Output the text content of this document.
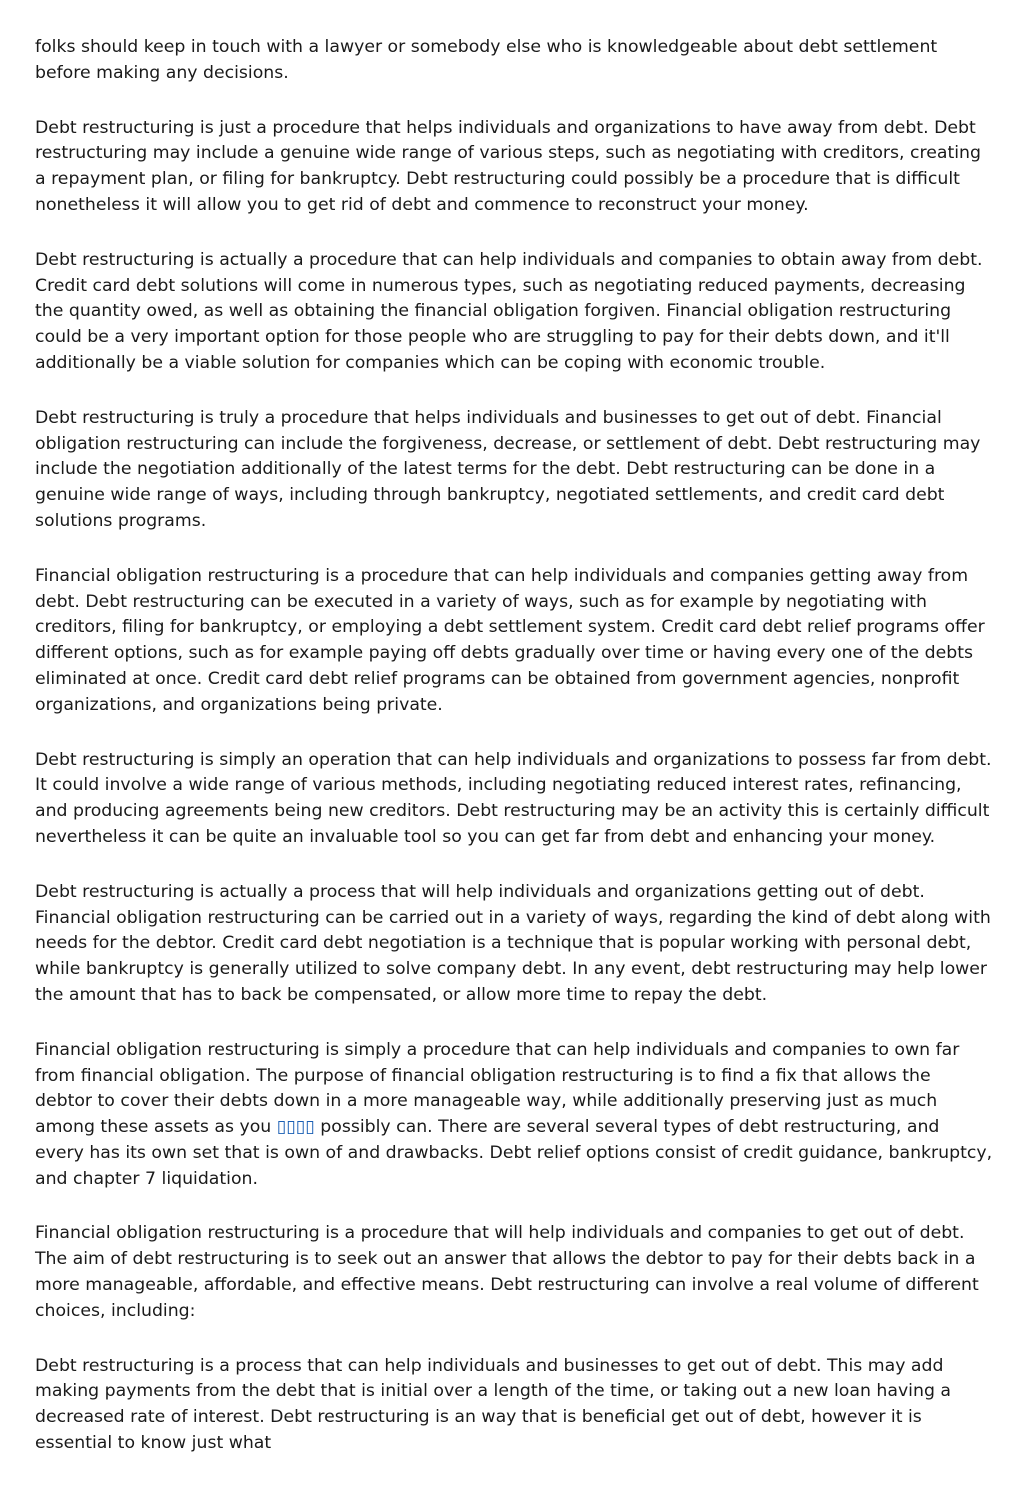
folks should keep in touch with a lawyer or somebody else who is knowledgeable about debt settlement before making any decisions.

Debt restructuring is just a procedure that helps individuals and organizations to have away from debt. Debt restructuring may include a genuine wide range of various steps, such as negotiating with creditors, creating a repayment plan, or filing for bankruptcy. Debt restructuring could possibly be a procedure that is difficult nonetheless it will allow you to get rid of debt and commence to reconstruct your money.

Debt restructuring is actually a procedure that can help individuals and companies to obtain away from debt. Credit card debt solutions will come in numerous types, such as negotiating reduced payments, decreasing the quantity owed, as well as obtaining the financial obligation forgiven. Financial obligation restructuring could be a very important option for those people who are struggling to pay for their debts down, and it'll additionally be a viable solution for companies which can be coping with economic trouble.

Debt restructuring is truly a procedure that helps individuals and businesses to get out of debt. Financial obligation restructuring can include the forgiveness, decrease, or settlement of debt. Debt restructuring may include the negotiation additionally of the latest terms for the debt. Debt restructuring can be done in a genuine wide range of ways, including through bankruptcy, negotiated settlements, and credit card debt solutions programs.

Financial obligation restructuring is a procedure that can help individuals and companies getting away from debt. Debt restructuring can be executed in a variety of ways, such as for example by negotiating with creditors, filing for bankruptcy, or employing a debt settlement system. Credit card debt relief programs offer different options, such as for example paying off debts gradually over time or having every one of the debts eliminated at once. Credit card debt relief programs can be obtained from government agencies, nonprofit organizations, and organizations being private.

Debt restructuring is simply an operation that can help individuals and organizations to possess far from debt. It could involve a wide range of various methods, including negotiating reduced interest rates, refinancing, and producing agreements being new creditors. Debt restructuring may be an activity this is certainly difficult nevertheless it can be quite an invaluable tool so you can get far from debt and enhancing your money.

Debt restructuring is actually a process that will help individuals and organizations getting out of debt. Financial obligation restructuring can be carried out in a variety of ways, regarding the kind of debt along with needs for the debtor. Credit card debt negotiation is a technique that is popular working with personal debt, while bankruptcy is generally utilized to solve company debt. In any event, debt restructuring may help lower the amount that has to back be compensated, or allow more time to repay the debt.

Financial obligation restructuring is simply a procedure that can help individuals and companies to own far from financial obligation. The purpose of financial obligation restructuring is to find a fix that allows the debtor to cover their debts down in a more manageable way, while additionally preserving just as much among these assets as you ▯▯▯▯ possibly can. There are several several types of debt restructuring, and every has its own set that is own of and drawbacks. Debt relief options consist of credit guidance, bankruptcy, and chapter 7 liquidation.

Financial obligation restructuring is a procedure that will help individuals and companies to get out of debt. The aim of debt restructuring is to seek out an answer that allows the debtor to pay for their debts back in a more manageable, affordable, and effective means. Debt restructuring can involve a real volume of different choices, including:

Debt restructuring is a process that can help individuals and businesses to get out of debt. This may add making payments from the debt that is initial over a length of the time, or taking out a new loan having a decreased rate of interest. Debt restructuring is an way that is beneficial get out of debt, however it is essential to know just what
